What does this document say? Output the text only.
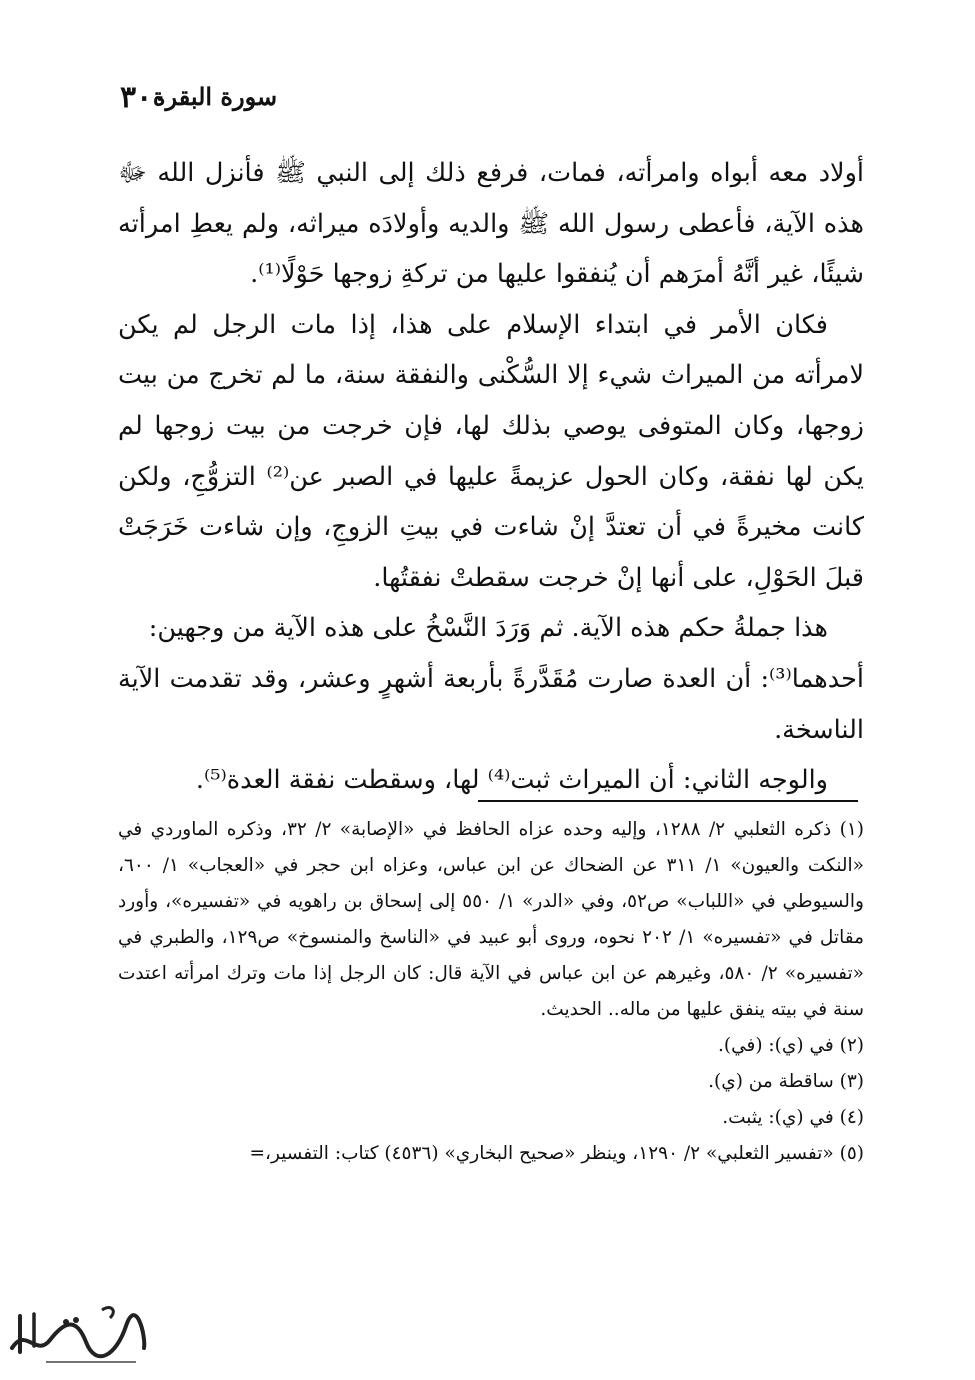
٣٠٠
سورة البقرة

أولاد معه أبواه وامرأته، فمات، فرفع ذلك إلى النبي ﷺ فأنزل الله ﷻ هذه الآية، فأعطى رسول الله ﷺ والديه وأولادَه ميراثه، ولم يعطِ امرأته شيئًا، غير أنَّهُ أمرَهم أن يُنفقوا عليها من تركةِ زوجها حَوْلًا⁽¹⁾.

فكان الأمر في ابتداء الإسلام على هذا، إذا مات الرجل لم يكن لامرأته من الميراث شيء إلا السُّكْنى والنفقة سنة، ما لم تخرج من بيت زوجها، وكان المتوفى يوصي بذلك لها، فإن خرجت من بيت زوجها لم يكن لها نفقة، وكان الحول عزيمةً عليها في الصبر عن⁽²⁾ التزوُّجِ، ولكن كانت مخيرةً في أن تعتدَّ إنْ شاءت في بيتِ الزوجِ، وإن شاءت خَرَجَتْ قبلَ الحَوْلِ، على أنها إنْ خرجت سقطتْ نفقتُها.

هذا جملةُ حكم هذه الآية. ثم وَرَدَ النَّسْخُ على هذه الآية من وجهين:

أحدهما⁽³⁾: أن العدة صارت مُقَدَّرةً بأربعة أشهرٍ وعشر، وقد تقدمت الآية الناسخة.

والوجه الثاني: أن الميراث ثبت⁽⁴⁾ لها، وسقطت نفقة العدة⁽⁵⁾.

(١) ذكره الثعلبي ٢/ ١٢٨٨، وإليه وحده عزاه الحافظ في «الإصابة» ٢/ ٣٢، وذكره الماوردي في «النكت والعيون» ١/ ٣١١ عن الضحاك عن ابن عباس، وعزاه ابن حجر في «العجاب» ١/ ٦٠٠، والسيوطي في «اللباب» ص٥٢، وفي «الدر» ١/ ٥٥٠ إلى إسحاق بن راهويه في «تفسيره»، وأورد مقاتل في «تفسيره» ١/ ٢٠٢ نحوه، وروى أبو عبيد في «الناسخ والمنسوخ» ص١٢٩، والطبري في «تفسيره» ٢/ ٥٨٠، وغيرهم عن ابن عباس في الآية قال: كان الرجل إذا مات وترك امرأته اعتدت سنة في بيته ينفق عليها من ماله.. الحديث.

(٢) في (ي): (في).

(٣) ساقطة من (ي).

(٤) في (ي): يثبت.

(٥) «تفسير الثعلبي» ٢/ ١٢٩٠، وينظر «صحيح البخاري» (٤٥٣٦) كتاب: التفسير،=
